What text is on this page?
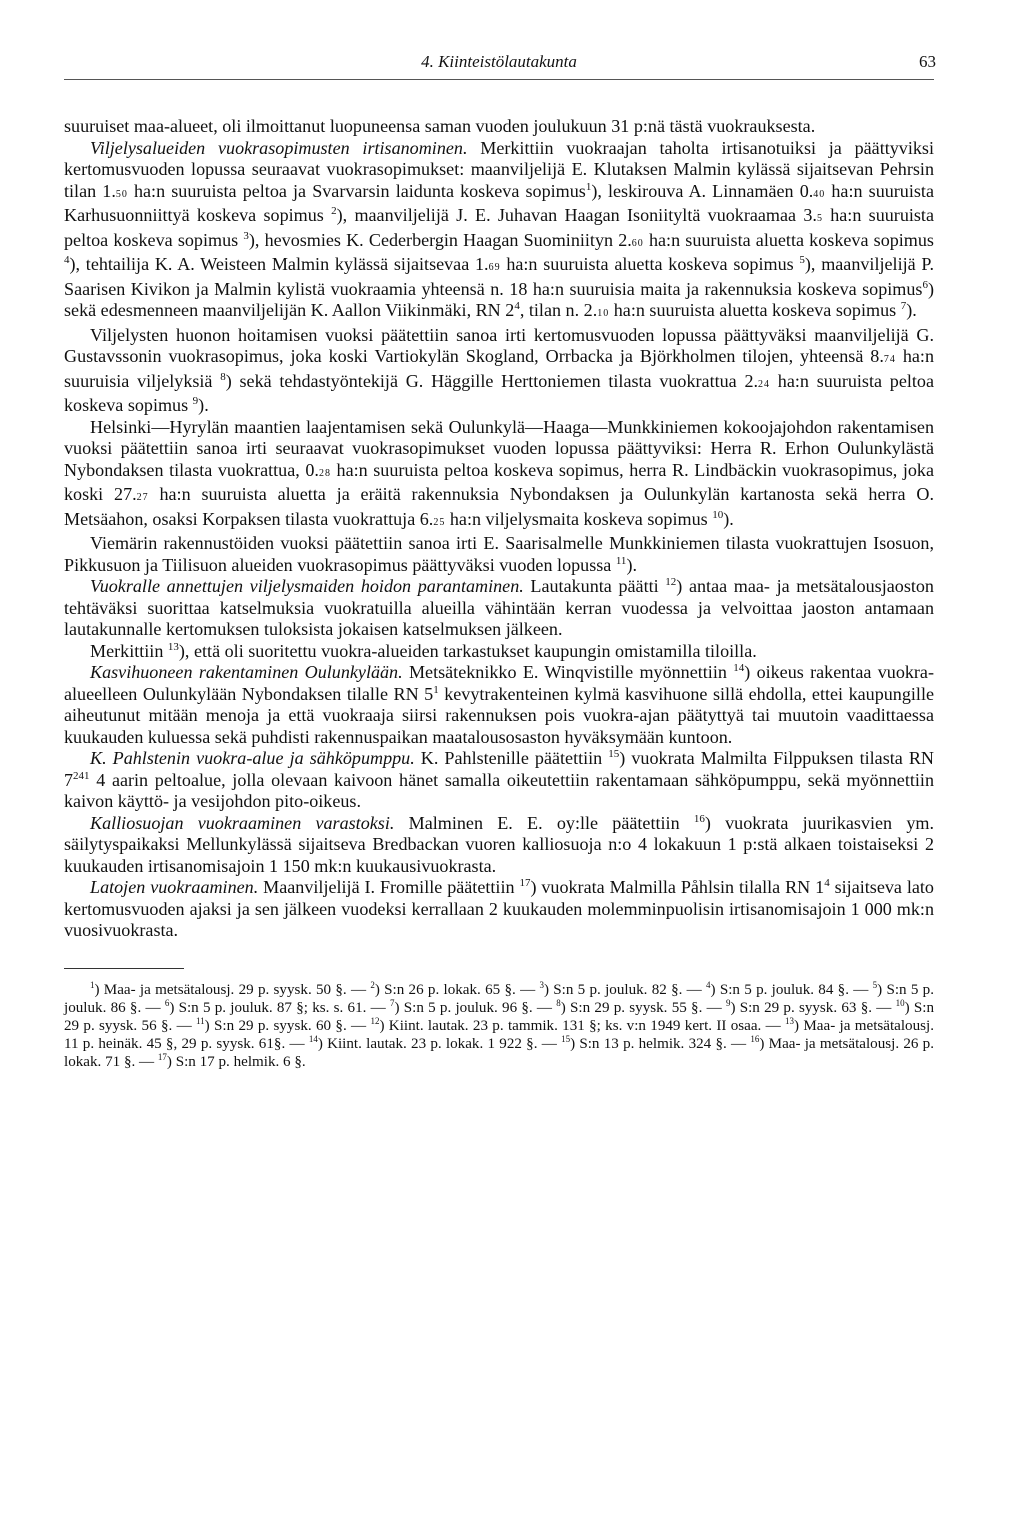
4. Kiinteistölautakunta	63

suuruiset maa-alueet, oli ilmoittanut luopuneensa saman vuoden joulukuun 31 p:nä tästä vuokrauksesta.

Viljelysalueiden vuokrasopimusten irtisanominen. Merkittiin vuokraajan taholta irtisanotuiksi ja päättyviksi kertomusvuoden lopussa seuraavat vuokrasopimukset: maanviljelijä E. Klutaksen Malmin kylässä sijaitsevan Pehrsin tilan 1.50 ha:n suuruista peltoa ja Svarvarsin laidunta koskeva sopimus$^1$), leskirouva A. Linnamäen 0.40 ha:n suuruista Karhusuonniittyä koskeva sopimus $^2$), maanviljelijä J. E. Juhavan Haagan Isoniityltä vuokraamaa 3.5 ha:n suuruista peltoa koskeva sopimus $^3$), hevosmies K. Cederbergin Haagan Suominiityn 2.60 ha:n suuruista aluetta koskeva sopimus $^4$), tehtailija K. A. Weisteen Malmin kylässä sijaitsevaa 1.69 ha:n suuruista aluetta koskeva sopimus $^5$), maanviljelijä P. Saarisen Kivikon ja Malmin kylistä vuokraamia yhteensä n. 18 ha:n suuruisia maita ja rakennuksia koskeva sopimus$^6$) sekä edesmenneen maanviljelijän K. Aallon Viikinmäki, RN $2^4$, tilan n. 2.10 ha:n suuruista aluetta koskeva sopimus $^7$).

Viljelysten huonon hoitamisen vuoksi päätettiin sanoa irti kertomusvuoden lopussa päättyväksi maanviljelijä G. Gustavssonin vuokrasopimus, joka koski Vartiokylän Skogland, Orrbacka ja Björkholmen tilojen, yhteensä 8.74 ha:n suuruisia viljelyksiä $^8$) sekä tehdastyöntekijä G. Häggille Herttoniemen tilasta vuokrattua 2.24 ha:n suuruista peltoa koskeva sopimus $^9$).

Helsinki—Hyrylän maantien laajentamisen sekä Oulunkylä—Haaga—Munkkiniemen kokoojajohdon rakentamisen vuoksi päätettiin sanoa irti seuraavat vuokrasopimukset vuoden lopussa päättyviksi: Herra R. Erhon Oulunkylästä Nybondaksen tilasta vuokrattua, 0.28 ha:n suuruista peltoa koskeva sopimus, herra R. Lindbäckin vuokrasopimus, joka koski 27.27 ha:n suuruista aluetta ja eräitä rakennuksia Nybondaksen ja Oulunkylän kartanosta sekä herra O. Metsäahon, osaksi Korpaksen tilasta vuokrattuja 6.25 ha:n viljelysmaita koskeva sopimus $^{10}$).

Viemärin rakennustöiden vuoksi päätettiin sanoa irti E. Saarisalmelle Munkkiniemen tilasta vuokrattujen Isosuon, Pikkusuon ja Tiilisuon alueiden vuokrasopimus päättyväksi vuoden lopussa $^{11}$).

Vuokralle annettujen viljelysmaiden hoidon parantaminen. Lautakunta päätti $^{12}$) antaa maa- ja metsätalousjaoston tehtäväksi suorittaa katselmuksia vuokratuilla alueilla vähintään kerran vuodessa ja velvoittaa jaoston antamaan lautakunnalle kertomuksen tuloksista jokaisen katselmuksen jälkeen.

Merkittiin $^{13}$), että oli suoritettu vuokra-alueiden tarkastukset kaupungin omistamilla tiloilla.

Kasvihuoneen rakentaminen Oulunkylään. Metsäteknikko E. Winqvistille myönnettiin $^{14}$) oikeus rakentaa vuokra-alueelleen Oulunkylään Nybondaksen tilalle RN $5^1$ kevytrakenteinen kylmä kasvihuone sillä ehdolla, ettei kaupungille aiheutunut mitään menoja ja että vuokraaja siirsi rakennuksen pois vuokra-ajan päätyttyä tai muutoin vaadittaessa kuukauden kuluessa sekä puhdisti rakennuspaikan maatalousosaston hyväksymään kuntoon.

K. Pahlstenin vuokra-alue ja sähköpumppu. K. Pahlstenille päätettiin $^{15}$) vuokrata Malmilta Filppuksen tilasta RN $7^{241}$ 4 aarin peltoalue, jolla olevaan kaivoon hänet samalla oikeutettiin rakentamaan sähköpumppu, sekä myönnettiin kaivon käyttö- ja vesijohdon pito-oikeus.

Kalliosuojan vuokraaminen varastoksi. Malminen E. E. oy:lle päätettiin $^{16}$) vuokrata juurikasvien ym. säilytyspaikaksi Mellunkylässä sijaitseva Bredbackan vuoren kalliosuoja n:o 4 lokakuun 1 p:stä alkaen toistaiseksi 2 kuukauden irtisanomisajoin 1 150 mk:n kuukausivuokrasta.

Latojen vuokraaminen. Maanviljelijä I. Fromille päätettiin $^{17}$) vuokrata Malmilla Påhlsin tilalla RN $1^4$ sijaitseva lato kertomusvuoden ajaksi ja sen jälkeen vuodeksi kerrallaan 2 kuukauden molemminpuolisin irtisanomisajoin 1 000 mk:n vuosivuokrasta.

$^1$) Maa- ja metsätalousj. 29 p. syysk. 50 §. — $^2$) S:n 26 p. lokak. 65 §. — $^3$) S:n 5 p. jouluk. 82 §. — $^4$) S:n 5 p. jouluk. 84 §. — $^5$) S:n 5 p. jouluk. 86 §. — $^6$) S:n 5 p. jouluk. 87 §; ks. s. 61. — $^7$) S:n 5 p. jouluk. 96 §. — $^8$) S:n 29 p. syysk. 55 §. — $^9$) S:n 29 p. syysk. 63 §. — $^{10}$) S:n 29 p. syysk. 56 §. — $^{11}$) S:n 29 p. syysk. 60 §. — $^{12}$) Kiint. lautak. 23 p. tammik. 131 §; ks. v:n 1949 kert. II osaa. — $^{13}$) Maa- ja metsätalousj. 11 p. heinäk. 45 §, 29 p. syysk. 61§. — $^{14}$) Kiint. lautak. 23 p. lokak. 1 922 §. — $^{15}$) S:n 13 p. helmik. 324 §. — $^{16}$) Maa- ja metsätalousj. 26 p. lokak. 71 §. — $^{17}$) S:n 17 p. helmik. 6 §.
